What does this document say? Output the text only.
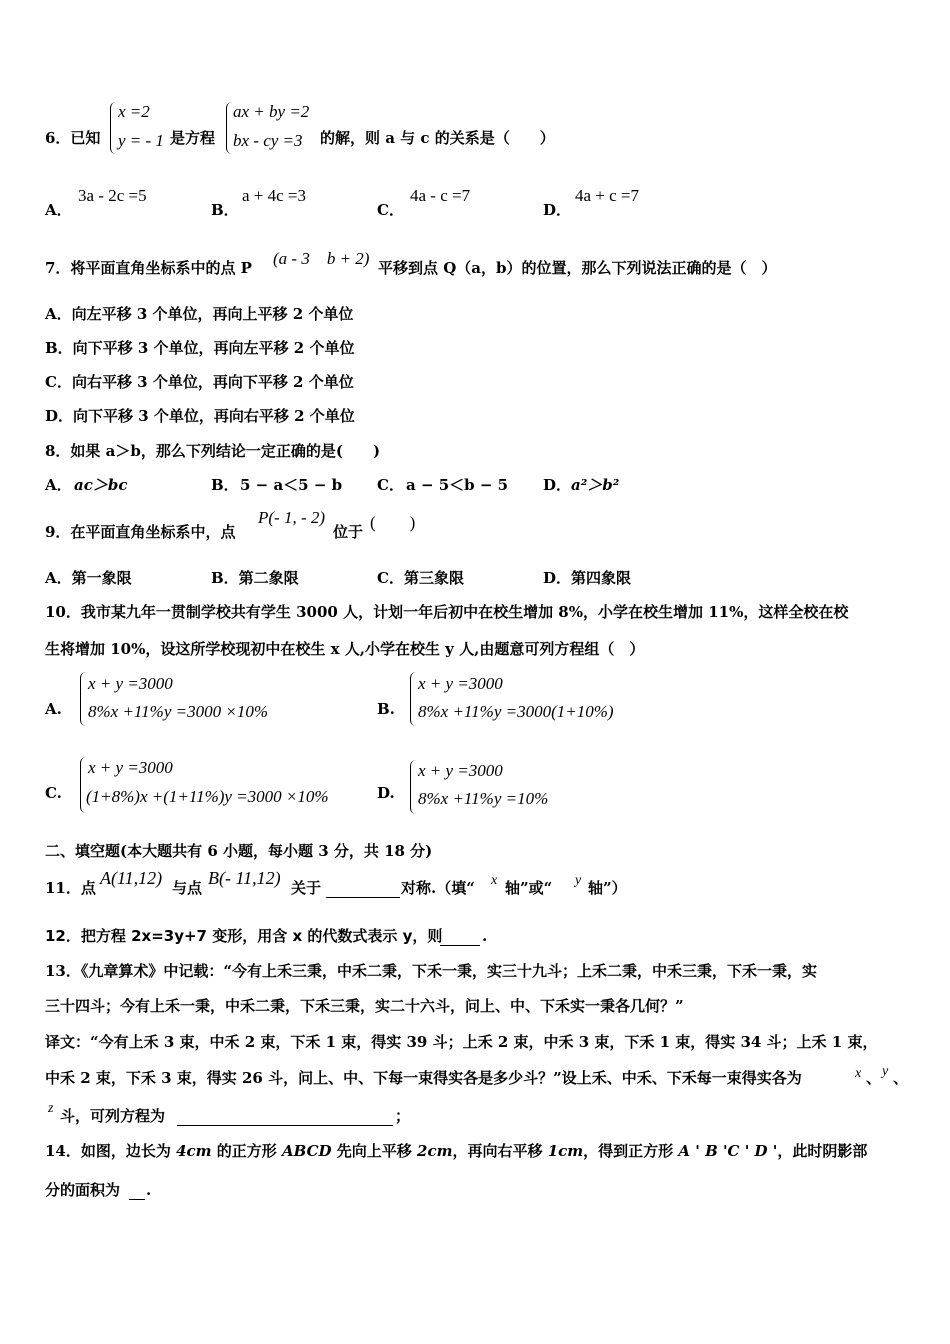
6．已知
x =2
y = - 1 是方程
ax + by =2
bx - cy =3 的解，则 a 与 c 的关系是（　　）
A．
3a - 2c =5
B．
a + 4c =3
C．
4a - c =7
D．
4a + c =7
7．将平面直角坐标系中的点 P (a - 3　b + 2) 平移到点 Q（a，b）的位置，那么下列说法正确的是（　）
A．向左平移 3 个单位，再向上平移 2 个单位
B．向下平移 3 个单位，再向左平移 2 个单位
C．向右平移 3 个单位，再向下平移 2 个单位
D．向下平移 3 个单位，再向右平移 2 个单位
8．如果 a＞b，那么下列结论一定正确的是(　　)
A． ac＞bc	B． 5 − a＜5 − b C． a − 5＜b − 5 D． a²＞b²
9．在平面直角坐标系中，点
P(- 1, - 2)
位于 (　　)
A．第一象限	B．第二象限	C．第三象限	D．第四象限
10．我市某九年一贯制学校共有学生 3000 人，计划一年后初中在校生增加 8%，小学在校生增加 11%，这样全校在校
生将增加 10%，设这所学校现初中在校生 x 人,小学在校生 y 人,由题意可列方程组（　）
A.
x + y =3000
8%x +11%y =3000 ×10%	B.
x + y =3000
8%x +11%y =3000(1+10%)
C.
x + y =3000
(1+8%)x +(1+11%)y =3000 ×10%	D.
x + y =3000
8%x +11%y =10%
二、填空题(本大题共有 6 小题，每小题 3 分，共 18 分)
11．点 A(11,12) 与点 B(- 11,12) 关于	对称.（填“ x 轴”或“ y 轴”）
12．把方程 2x=3y+7 变形，用含 x 的代数式表示 y，则	.
13．《九章算术》中记载：“今有上禾三秉，中禾二秉，下禾一秉，实三十九斗；上禾二秉，中禾三秉，下禾一秉，实
三十四斗；今有上禾一秉，中禾二秉，下禾三秉，实二十六斗，问上、中、下禾实一秉各几何？”
译文：“今有上禾 3 束，中禾 2 束，下禾 1 束，得实 39 斗；上禾 2 束，中禾 3 束，下禾 1 束，得实 34 斗；上禾 1 束，
中禾 2 束，下禾 3 束，得实 26 斗，问上、中、下每一束得实各是多少斗？”设上禾、中禾、下禾每一束得实各为	x 、 y 、
z 斗，可列方程为	；
14．如图，边长为 4cm 的正方形 ABCD 先向上平移 2cm，再向右平移 1cm，得到正方形 A ' B 'C ' D '，此时阴影部
分的面积为 .
